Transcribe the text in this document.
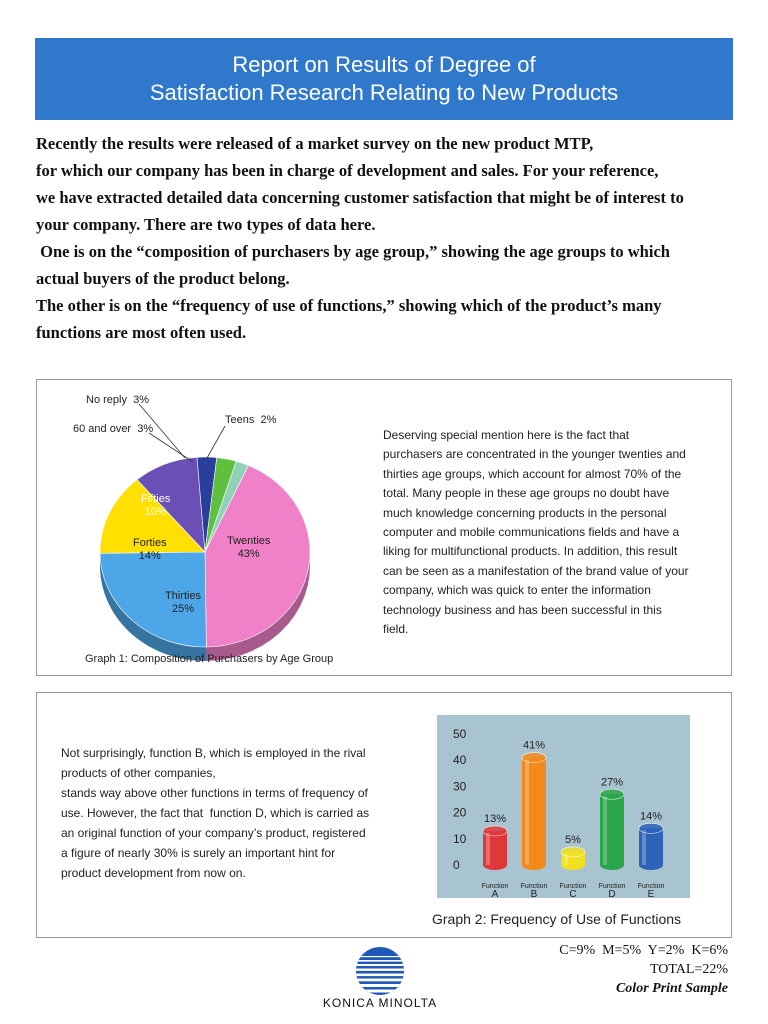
Report on Results of Degree of
Satisfaction Research Relating to New Products

Recently the results were released of a market survey on the new product MTP,

for which our company has been in charge of development and sales. For your reference,

we have extracted detailed data concerning customer satisfaction that might be of interest to

your company. There are two types of data here.

One is on the “composition of purchasers by age group,” showing the age groups to which

actual buyers of the product belong.

The other is on the “frequency of use of functions,” showing which of the product’s many

functions are most often used.

No reply 3%
60 and over 3%
Teens 2%
Fifties
10%
Forties
14%
Twenties
43%
Thirties
25%

Deserving special mention here is the fact that

purchasers are concentrated in the younger twenties and

thirties age groups, which account for almost 70% of the

total. Many people in these age groups no doubt have

much knowledge concerning products in the personal

computer and mobile communications fields and have a

liking for multifunctional products. In addition, this result

can be seen as a manifestation of the brand value of your

company, which was quick to enter the information

technology business and has been successful in this

field.

Graph 1: Composition of Purchasers by Age Group

Not surprisingly, function B, which is employed in the rival

products of other companies,

stands way above other functions in terms of frequency of

use. However, the fact that  function D, which is carried as

an original function of your company’s product, registered

a figure of nearly 30% is surely an important hint for

product development from now on.

0
10
20
30
40
50
13%
Function
A
41%
Function
B
5%
Function
C
27%
Function
D
14%
Function
E
Graph 2: Frequency of Use of Functions
KONICA MINOLTA

C=9%  M=5%  Y=2%  K=6%

TOTAL=22%

Color Print Sample
